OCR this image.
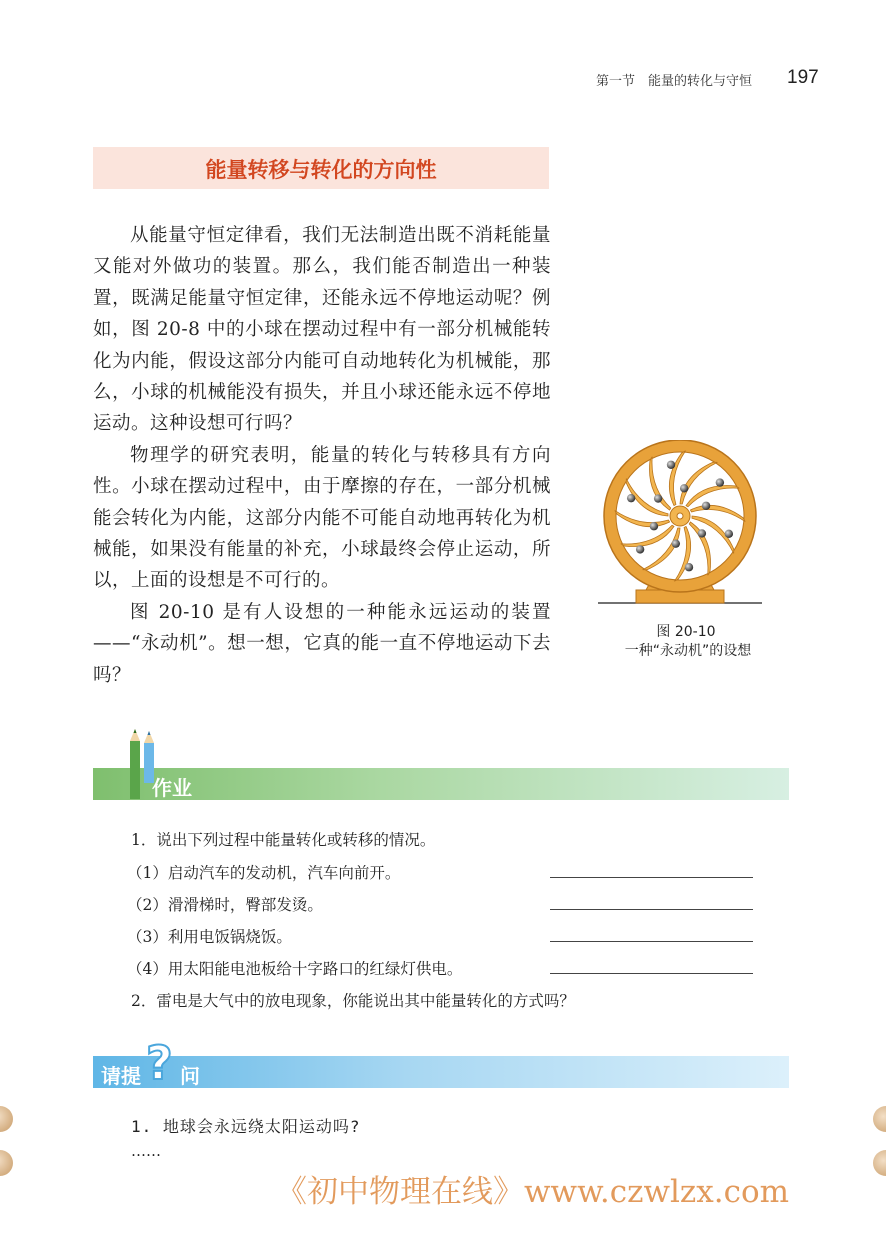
第一节　能量的转化与守恒 197
能量转移与转化的方向性

从能量守恒定律看，我们无法制造出既不消耗能量又能对外做功的装置。那么，我们能否制造出一种装置，既满足能量守恒定律，还能永远不停地运动呢？例如，图 20-8 中的小球在摆动过程中有一部分机械能转化为内能，假设这部分内能可自动地转化为机械能，那么，小球的机械能没有损失，并且小球还能永远不停地运动。这种设想可行吗？

物理学的研究表明，能量的转化与转移具有方向性。小球在摆动过程中，由于摩擦的存在，一部分机械能会转化为内能，这部分内能不可能自动地再转化为机械能，如果没有能量的补充，小球最终会停止运动，所以，上面的设想是不可行的。

图 20-10 是有人设想的一种能永远运动的装置——“永动机”。想一想，它真的能一直不停地运动下去吗？

图 20-10
一种“永动机”的设想
作业
1．说出下列过程中能量转化或转移的情况。
（1）启动汽车的发动机，汽车向前开。
（2）滑滑梯时，臀部发烫。
（3）利用电饭锅烧饭。
（4）用太阳能电池板给十字路口的红绿灯供电。
2．雷电是大气中的放电现象，你能说出其中能量转化的方式吗？
请提 ? 问
1. 地球会永远绕太阳运动吗?
……
《初中物理在线》www.czwlzx.com
